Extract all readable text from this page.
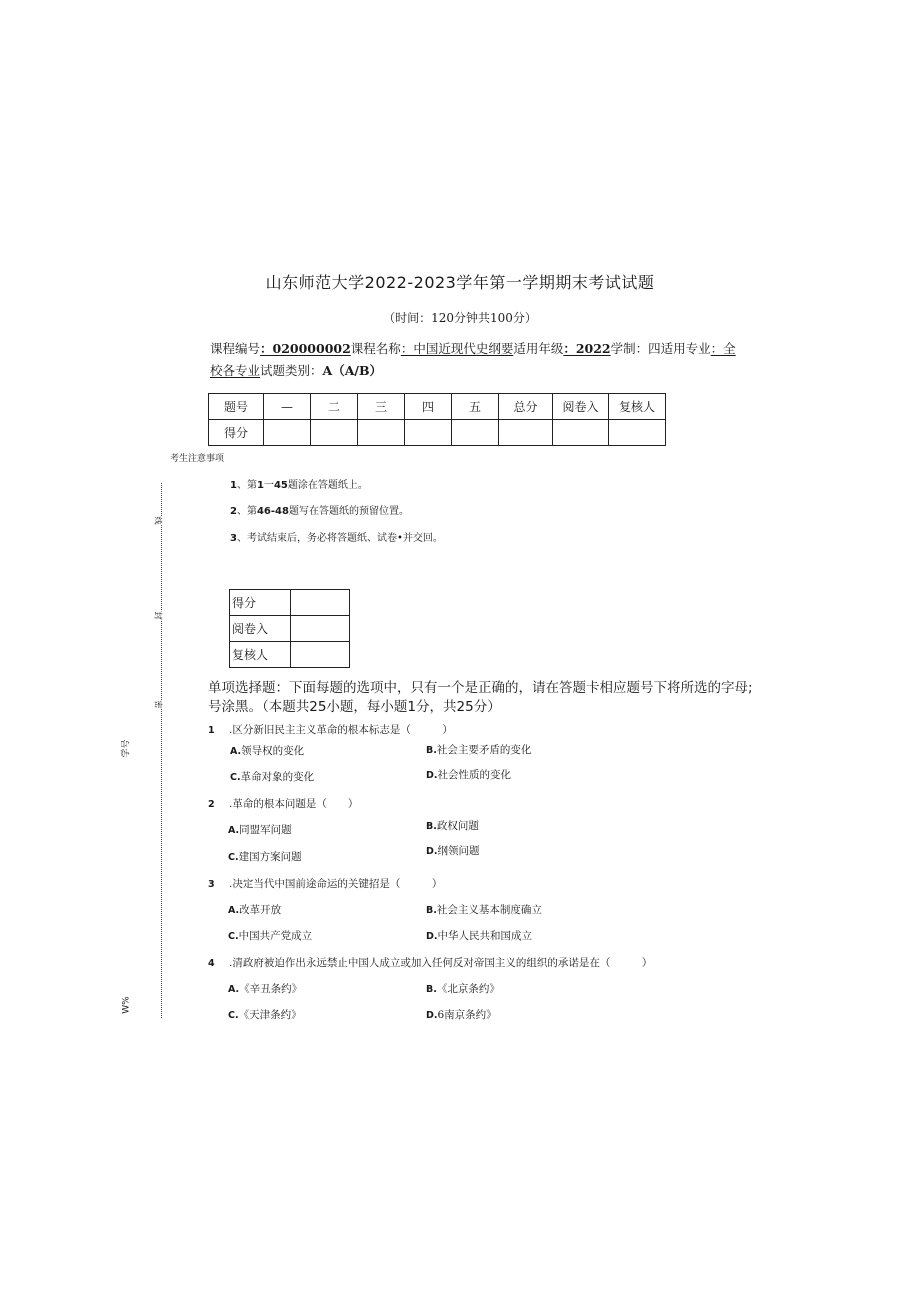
山东师范大学2022-2023学年第一学期期末考试试题
（时间：120分钟共100分）
课程编号：020000002课程名称：中国近现代史纲要适用年级：2022学制：四适用专业：全
校各专业试题类别：A（A/B）
题号	—	二	三	四	五	总分	阅卷入	复核人
得分								
考生注意事项
1、第1一45题涂在答题纸上。
2、第46-48题写在答题纸的预留位置。
3、考试结束后，务必将答题纸、试卷•并交回。
得分	
阅卷入	
复核人	
单项选择题：下面每题的选项中，只有一个是正确的，请在答题卡相应题号下将所选的字母;
号涂黑。（本题共25小题，每小题1分，共25分）
1 .区分新旧民主主义革命的根本标志是（　　　）
A.领导权的变化	B.社会主要矛盾的变化
C.革命对象的变化	D.社会性质的变化
2 .革命的根本问题是（　　）
A.同盟军问题	B.政权问题
C.建国方案问题	D.纲领问题
3 .决定当代中国前途命运的关键招是（　　　）
A.改革开放	B.社会主义基本制度确立
C.中国共产党成立	D.中华人民共和国成立
4 .清政府被迫作出永远禁止中国人成立或加入任何反对帝国主义的组织的承诺是在（　　　）
A.《辛丑条约》	B.《北京条约》
C.《天津条约》	D.6南京条约》
线
封
密
学号
W%
